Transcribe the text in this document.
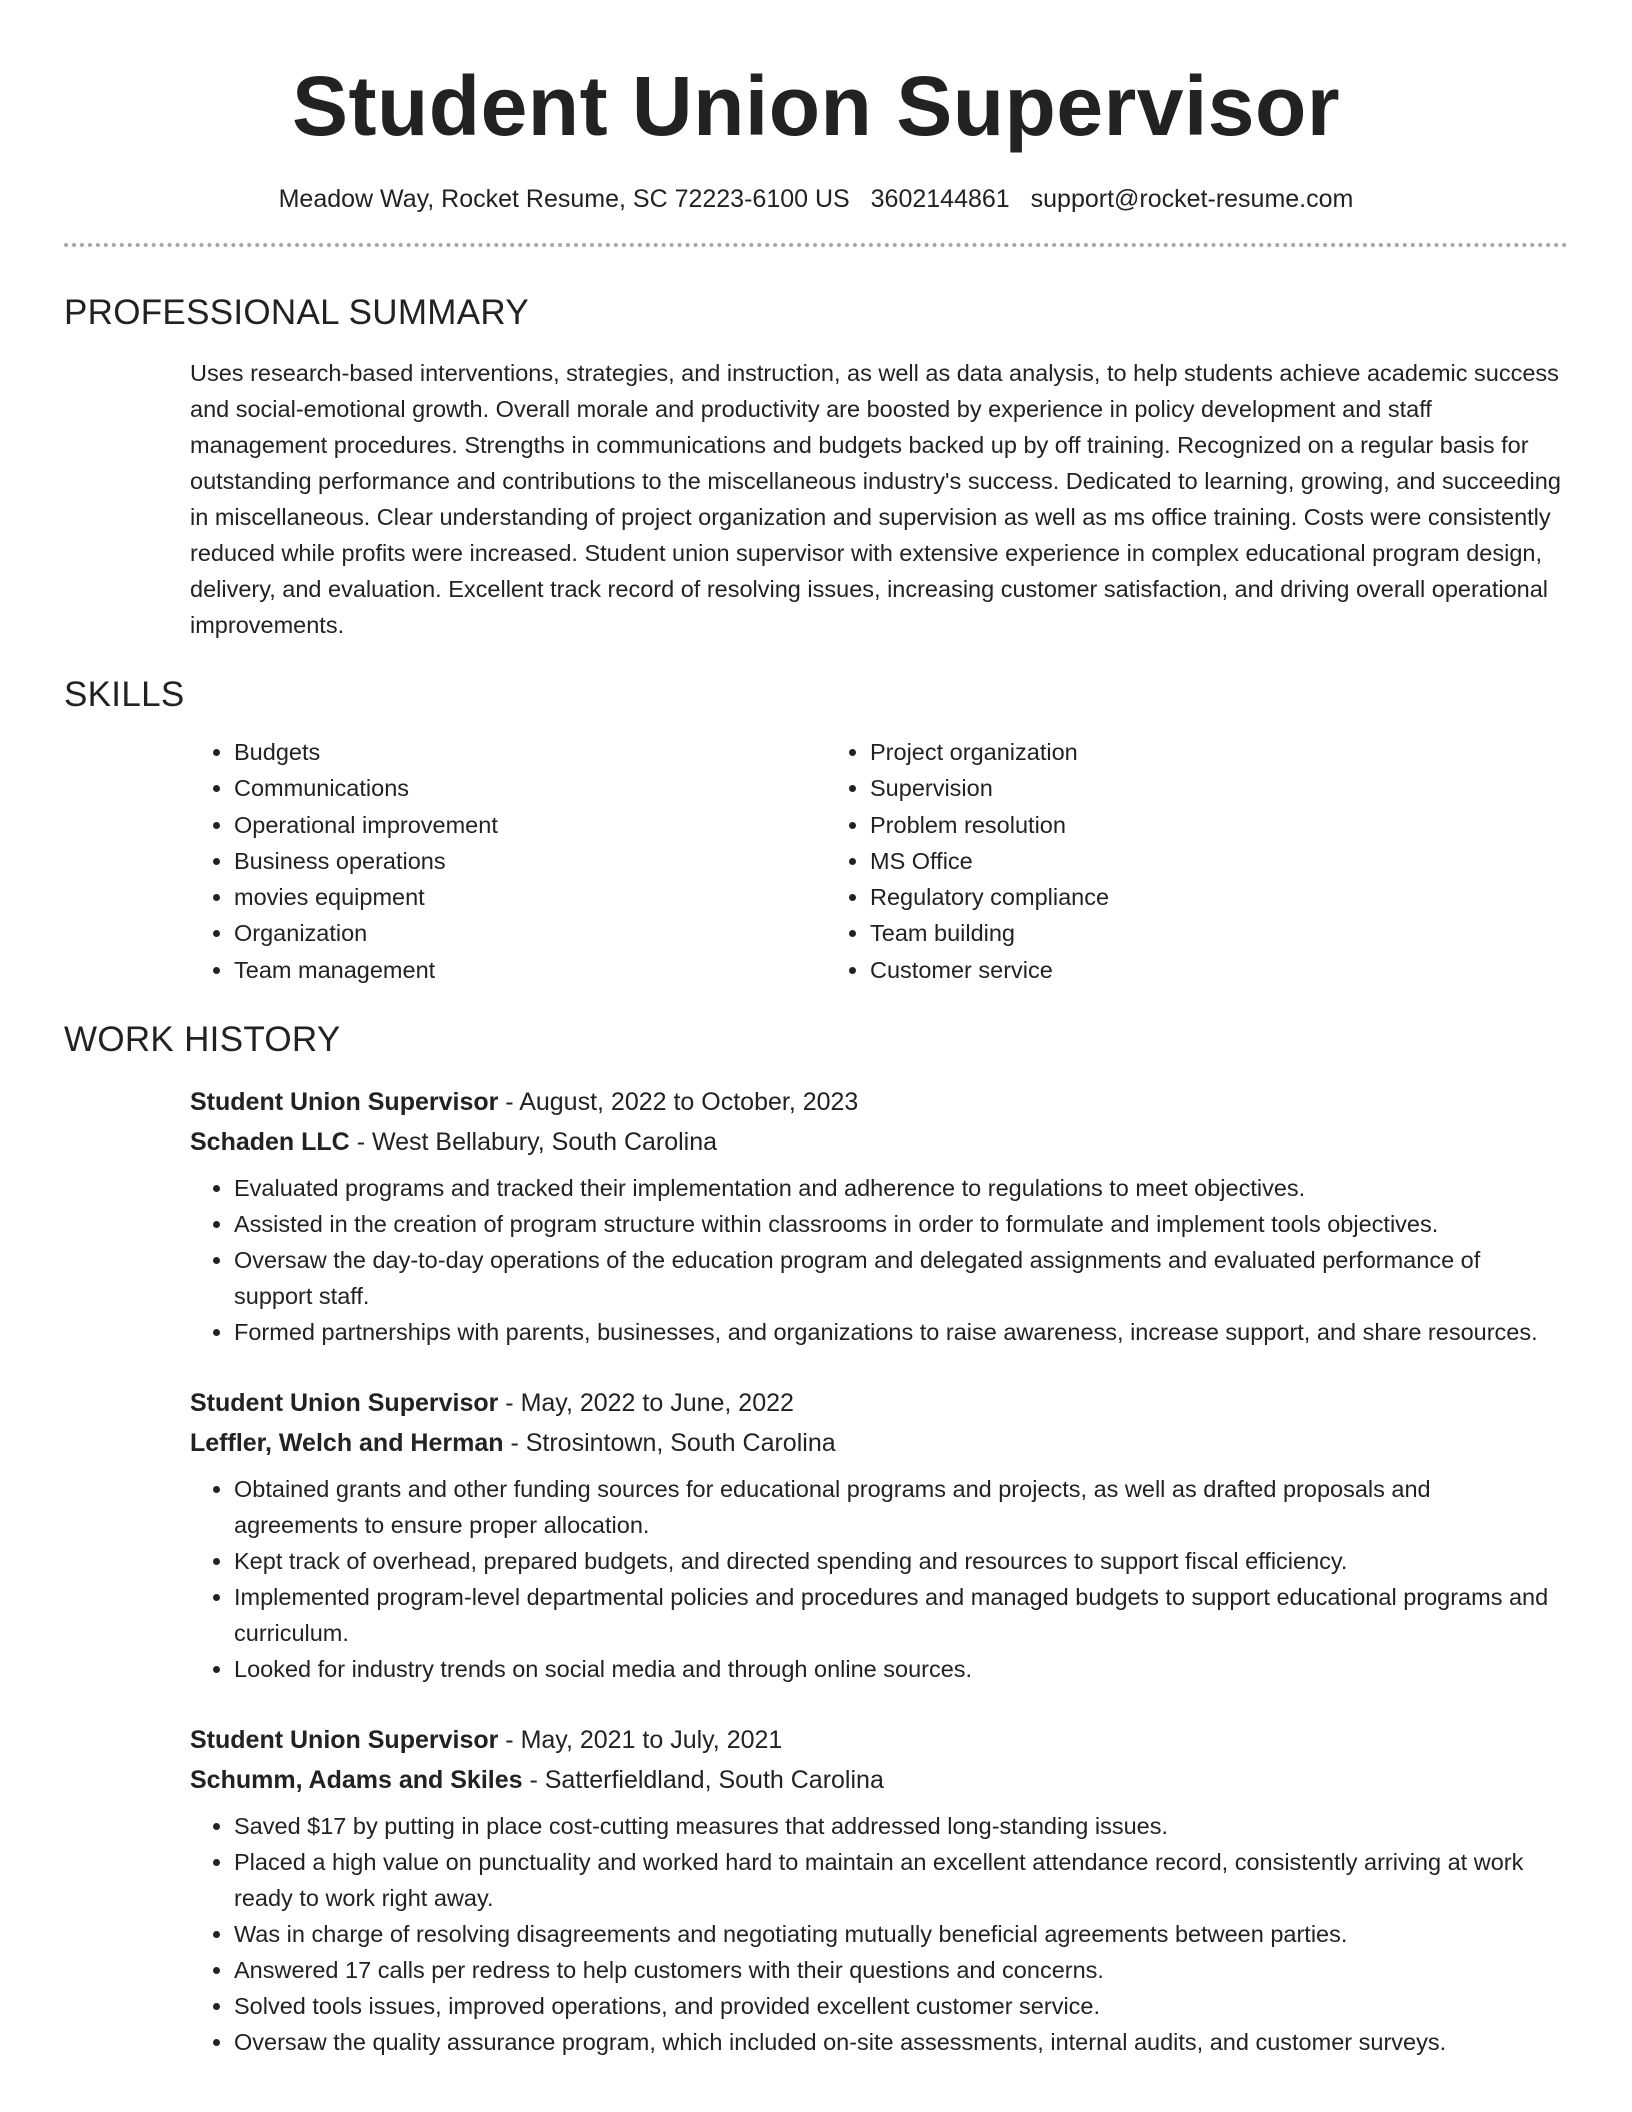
Student Union Supervisor
Meadow Way, Rocket Resume, SC 72223-6100 US 3602144861 support@rocket-resume.com
PROFESSIONAL SUMMARY

Uses research-based interventions, strategies, and instruction, as well as data analysis, to help students achieve academic success and social-emotional growth. Overall morale and productivity are boosted by experience in policy development and staff management procedures. Strengths in communications and budgets backed up by off training. Recognized on a regular basis for outstanding performance and contributions to the miscellaneous industry's success. Dedicated to learning, growing, and succeeding in miscellaneous. Clear understanding of project organization and supervision as well as ms office training. Costs were consistently reduced while profits were increased. Student union supervisor with extensive experience in complex educational program design, delivery, and evaluation. Excellent track record of resolving issues, increasing customer satisfaction, and driving overall operational improvements.

SKILLS
• Budgets
• Communications
• Operational improvement
• Business operations
• movies equipment
• Organization
• Team management
• Project organization
• Supervision
• Problem resolution
• MS Office
• Regulatory compliance
• Team building
• Customer service
WORK HISTORY
Student Union Supervisor - August, 2022 to October, 2023
Schaden LLC - West Bellabury, South Carolina
• Evaluated programs and tracked their implementation and adherence to regulations to meet objectives.
• Assisted in the creation of program structure within classrooms in order to formulate and implement tools objectives.
• Oversaw the day-to-day operations of the education program and delegated assignments and evaluated performance of support staff.
• Formed partnerships with parents, businesses, and organizations to raise awareness, increase support, and share resources.
Student Union Supervisor - May, 2022 to June, 2022
Leffler, Welch and Herman - Strosintown, South Carolina
• Obtained grants and other funding sources for educational programs and projects, as well as drafted proposals and agreements to ensure proper allocation.
• Kept track of overhead, prepared budgets, and directed spending and resources to support fiscal efficiency.
• Implemented program-level departmental policies and procedures and managed budgets to support educational programs and curriculum.
• Looked for industry trends on social media and through online sources.
Student Union Supervisor - May, 2021 to July, 2021
Schumm, Adams and Skiles - Satterfieldland, South Carolina
• Saved $17 by putting in place cost-cutting measures that addressed long-standing issues.
• Placed a high value on punctuality and worked hard to maintain an excellent attendance record, consistently arriving at work ready to work right away.
• Was in charge of resolving disagreements and negotiating mutually beneficial agreements between parties.
• Answered 17 calls per redress to help customers with their questions and concerns.
• Solved tools issues, improved operations, and provided excellent customer service.
• Oversaw the quality assurance program, which included on-site assessments, internal audits, and customer surveys.
